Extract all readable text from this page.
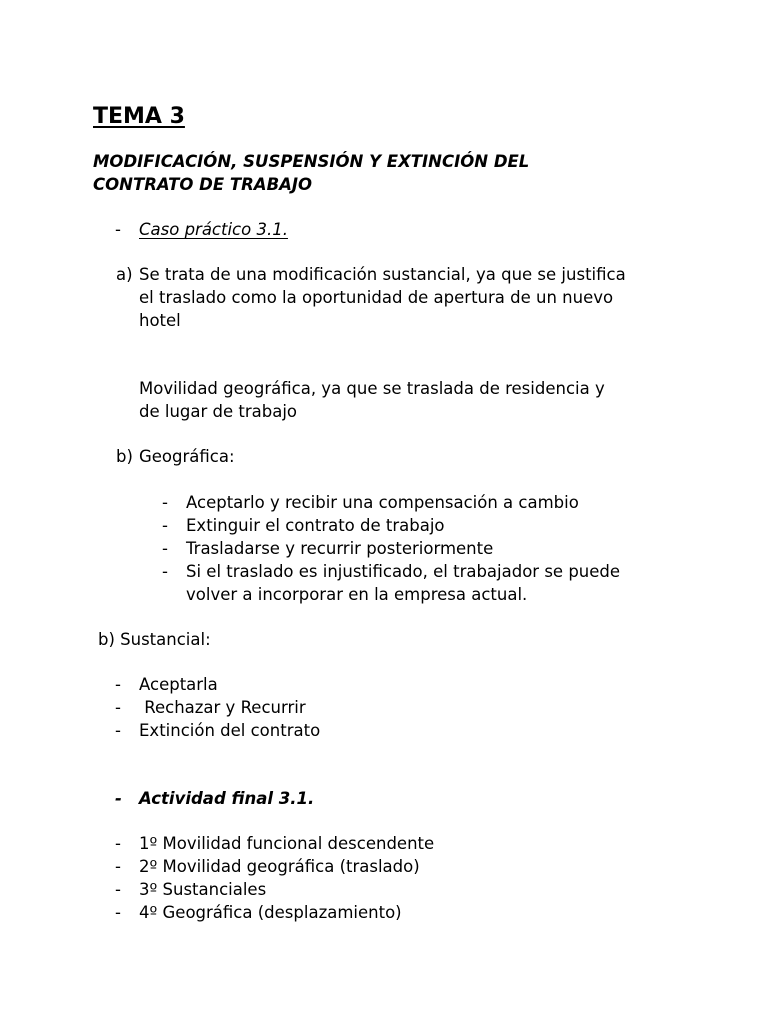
TEMA 3
MODIFICACIÓN, SUSPENSIÓN Y EXTINCIÓN DEL
CONTRATO DE TRABAJO
- Caso práctico 3.1.
a) Se trata de una modificación sustancial, ya que se justifica
el traslado como la oportunidad de apertura de un nuevo
hotel
Movilidad geográfica, ya que se traslada de residencia y
de lugar de trabajo
b) Geográfica:
- Aceptarlo y recibir una compensación a cambio
- Extinguir el contrato de trabajo
- Trasladarse y recurrir posteriormente
- Si el traslado es injustificado, el trabajador se puede
volver a incorporar en la empresa actual.
b) Sustancial:
- Aceptarla
- Rechazar y Recurrir
- Extinción del contrato
- Actividad final 3.1.
- 1º Movilidad funcional descendente
- 2º Movilidad geográfica (traslado)
- 3º Sustanciales
- 4º Geográfica (desplazamiento)
